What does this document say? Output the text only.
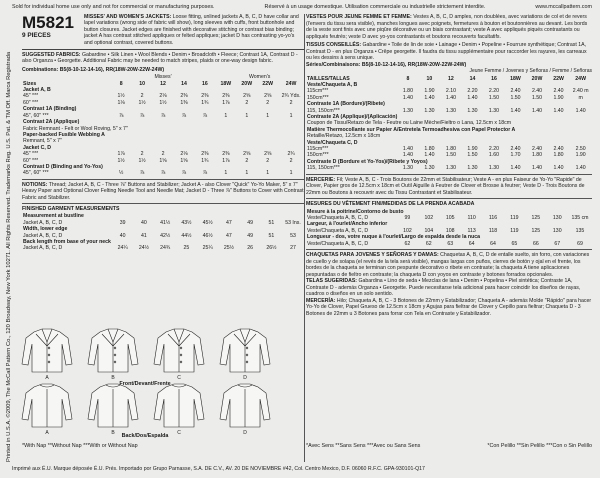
Sold for individual home use only and not for commercial or manufacturing purposes.	Réservé à un usage domestique. Utilisation commerciale ou industrielle strictement interdite.	www.mccallpattern.com
Printed in U.S.A. ©2009, The McCall Pattern Co., 120 Broadway, New York 10271. All Rights Reserved. Trademarks Reg. U.S. Pat. & TM Off. Marca Registrada
M5821
9 PIECES
MISSES' AND WOMEN'S JACKETS: Loose fitting, unlined jackets A, B, C, D have collar and lapel variations (wrong side of fabric will show), long sleeves with cuffs, front buttonhole and button closures. Jacket edges are finished with decorative stitching or contrast bias binding; jacket A has contrast stitched appliques or felted appliques; jacket D has contrasting yo-yo's and optional contrast, covered buttons.
SUGGESTED FABRICS: Gabardine • Silk Linen • Wool Blends • Denim • Broadcloth • Fleece; Contrast 1A, Contrast D - also Organza • Georgette. Additional Fabric may be needed to match stripes, plaids or one-way design fabric.
Combinations: B5(8-10-12-14-16), RR(18W-20W-22W-24W)
	Misses'					Women's			
Sizes	8	10	12	14	16	18W	20W	22W	24W
Jacket A, B									
45" ***	1½	2	2⅛	2⅜	2⅜	2⅜	2⅝	2⅝	2¾ Yds.
60" ***	1⅛	1½	1½	1⅜	1¾	1⅞	2	2	2
Contrast 1A (Binding)									
45", 60" ***	⅞	⅞	⅞	⅞	⅞	1	1	1	1
Contrast 2A (Applique)									
Fabric Remnant - Felt or Wool Roving, 5" x 7"									
Paper-backed Fusible Webbing A									
Remnant, 5" x 7"									
Jacket C, D									
45" ***	1⅞	2	2	2⅛	2⅜	2⅜	2⅝	2⅝	2¾
60" ***	1½	1½	1⅝	1⅝	1¾	1⅞	2	2	2
Contrast D (Binding and Yo-Yos)									
45", 60" ***	½	⅞	⅞	⅞	⅞	1	1	1	1
NOTIONS: Thread; Jacket A, B, C - Three ⅞" Buttons and Stabilizer; Jacket A - also Clover "Quick" Yo-Yo Maker, 5" x 7" Heavy Paper and Optional Clover Felting Needle Tool and Needle Mat; Jacket D - Three ⅞" Buttons to Cover with Contrast Fabric and Stabilizer.
FINISHED GARMENT MEASUREMENTS
Measurement at bustline									
Jacket A, B, C, D	39	40	41½	43½	45½	47	49	51	53 Ins.
Width, lower edge									
Jacket A, B, C, D	40	41	42½	44½	46½	47	49	51	53
Back length from base of your neck									
Jacket A, B, C, D	24¼	24½	24¾	25	25¼	25½	26	26½	27
A	B	C	D
A	B	C	D
Front/Devant/Frente
Back/Dos/Espalda
VESTES POUR JEUNE FEMME ET FEMME: Vestes A, B, C, D amples, non doublées, avec variations de col et de revers (l'envers du tissu sera visible), manches longues avec poignets, fermetures à bouton et boutonnières au devant. Les bords de la veste sont finis avec une piqûre décorative ou un biais contrastant; veste A avec appliqués piqués contrastants ou appliqués feutrés; veste D avec yo-yos contrastants et boutons recouverts facultatifs.
TISSUS CONSEILLÉS: Gabardine • Toile de lin de soie • Lainage • Denim • Popeline • Fourrure synthétique; Contrast 1A, Contrast D - en plus Organza • Crêpe georgette. Il faudra du tissu supplémentaire pour raccorder les rayures, les carreaux ou les dessins à sens unique.
Séries/Combinaisons: B5(8-10-12-14-16), RR(18W-20W-22W-24W)
Jeune Femme / Jovenes y Señoras / Femme / Señoras
TAILLES/TALLAS	8	10	12	14	16	18W	20W	22W	24W
Veste/Chaqueta A, B									
115cm***	1.80	1.90	2.10	2.20	2.20	2.40	2.40	2.40	2.40 m
150cm***	1.40	1.40	1.40	1.40	1.50	1.50	1.50	1.90	m
Contraste 1A (Bordure)/(Ribete)									
115, 150cm***	1.30	1.30	1.30	1.30	1.30	1.40	1.40	1.40	1.40
Contraste 2A (Applique)/(Aplicación)									
Coupon de Tissu/Retazo de Tela - Feutre ou Laine Mèche/Fieltro o Lana, 12.5cm x 18cm									
Matière Thermocollante sur Papier A/Entretela Termoadhesiva con Papel Protector A									
Retaille/Retazo, 12.5cm x 18cm									
Veste/Chaqueta C, D									
115cm***	1.40	1.80	1.80	1.90	2.20	2.40	2.40	2.40	2.50
150cm***	1.40	1.40	1.50	1.50	1.60	1.70	1.80	1.80	1.90
Contraste D (Bordure et Yo-Yos)/(Ribete y Yoyos)									
115, 150cm***	1.30	1.30	1.30	1.30	1.30	1.40	1.40	1.40	1.40
MERCERIE: Fil; Veste A, B, C - Trois Boutons de 22mm et Stabilisateur; Veste A - en plus Faiseur de Yo-Yo "Rapide" de Clover, Papier gros de 12.5cm x 18cm et Outil Aiguille à Feutrer de Clover et Brosse à feutrer; Veste D - Trois Boutons de 22mm ou Boutons à recouvrir avec du Tissu Contrastant et Stabilisateur.
MESURES DU VÊTEMENT FINI/MEDIDAS DE LA PRENDA ACABADA
Mesure à la poitrine/Contorno de busto									
Veste/Chaqueta A, B, C, D	99	102	105	110	116	119	125	130	135 cm
Largeur, à l'ourlet/Ancho inferior									
Veste/Chaqueta A, B, C, D	102	104	108	113	118	119	125	130	135
Longueur - dos, votre nuque à l'ourlet/Largo de espalda desde la nuca									
Veste/Chaqueta A, B, C, D	62	62	63	64	64	65	66	67	69
CHAQUETAS PARA JOVENES Y SEÑORAS Y DAMAS: Chaquetas A, B, C, D de entalle suelto, sin forro, con variaciones de cuello y de solapa (el revés de la tela será visible), mangas largas con puños, cierres de botón y ojal en el frente, los bordes de la chaqueta se terminan con pespunte decorativo o ribete en contraste; la chaqueta A tiene aplicaciones pespuntadas o de fieltro en contraste; la chaqueta D con yoyos en contraste y botones forrados opcionales.
TELAS SUGERIDAS: Gabardina • Lino de seda • Mezclas de lana • Denim • Popelina • Piel sintética; Contraste 1A, Contraste D - además Organza • Georgette. Puede necesitarse tela adicional para hacer coincidir los diseños de rayas, cuadros o diseños en un solo sentido.
MERCERÍA: Hilo; Chaqueta A, B, C - 3 Botones de 22mm y Estabilizador; Chaqueta A - además Molde "Rápido" para hacer Yo-Yo de Clover, Papel Grueso de 12.5cm x 18cm y Agujas para fieltrar de Clover y Cepillo para fieltrar; Chaqueta D - 3 Botones de 22mm u 3 Botones para forrar con Tela en Contraste y Estabilizador.
*With Nap **Without Nap ***With or Without Nap	*Avec Sens **Sans Sens ***Avec ou Sans Sens	*Con Pelillo **Sin Pelillo ***Con o Sin Pelillo
Imprimé aux É.U. Marque déposée É.U. Prés. Importado por Grupo Parnasse, S.A. DE C.V., AV. 20 DE NOVIEMBRE #42, Col. Centro Mexico, D.F. 06060 R.F.C. GPA-930101-Q17
